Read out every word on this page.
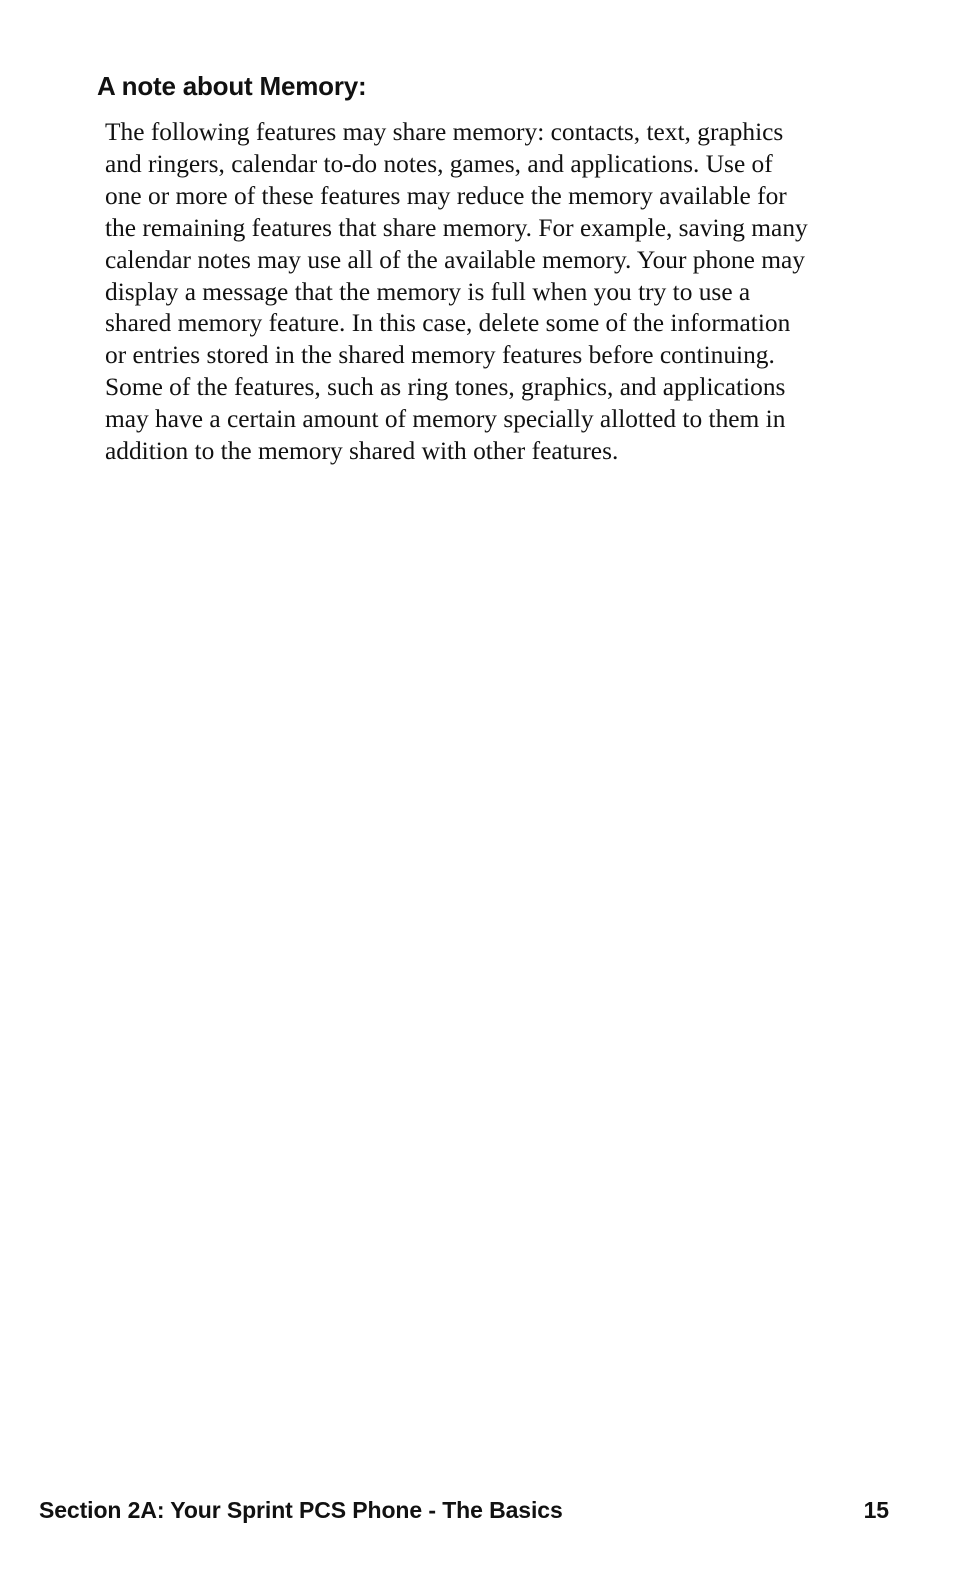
A note about Memory:

The following features may share memory: contacts, text, graphics
and ringers, calendar to-do notes, games, and applications. Use of
one or more of these features may reduce the memory available for
the remaining features that share memory. For example, saving many
calendar notes may use all of the available memory. Your phone may
display a message that the memory is full when you try to use a
shared memory feature. In this case, delete some of the information
or entries stored in the shared memory features before continuing.
Some of the features, such as ring tones, graphics, and applications
may have a certain amount of memory specially allotted to them in
addition to the memory shared with other features.

Section 2A: Your Sprint PCS Phone - The Basics	15
